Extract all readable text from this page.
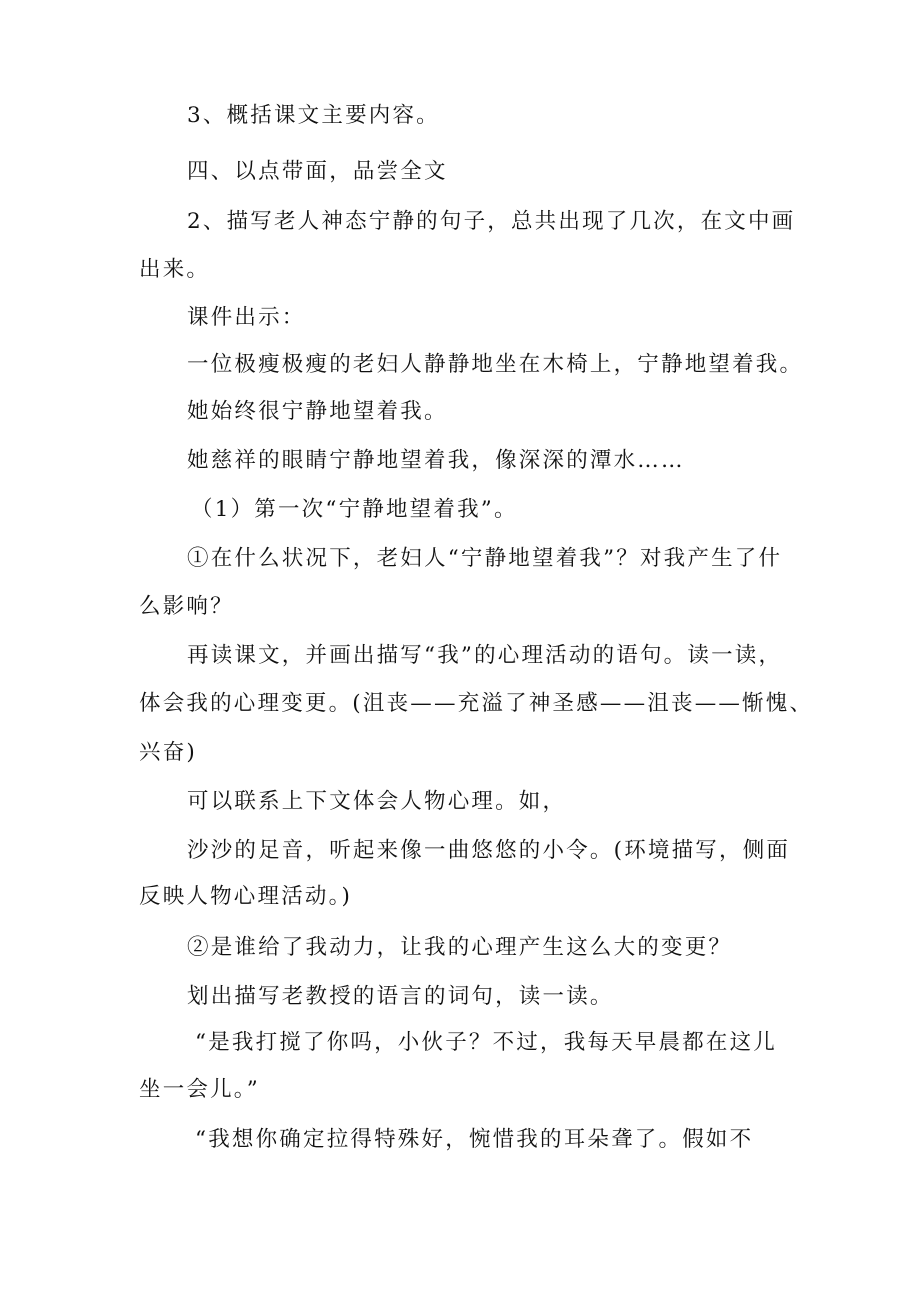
3、概括课文主要内容。
四、以点带面，品尝全文
2、描写老人神态宁静的句子，总共出现了几次，在文中画
出来。
课件出示：
一位极瘦极瘦的老妇人静静地坐在木椅上，宁静地望着我。
她始终很宁静地望着我。
她慈祥的眼睛宁静地望着我，像深深的潭水……
（1）第一次“宁静地望着我”。
①在什么状况下，老妇人“宁静地望着我”？对我产生了什
么影响？
再读课文，并画出描写“我”的心理活动的语句。读一读，
体会我的心理变更。(沮丧——充溢了神圣感——沮丧——惭愧、
兴奋)
可以联系上下文体会人物心理。如，
沙沙的足音，听起来像一曲悠悠的小令。(环境描写，侧面
反映人物心理活动。)
②是谁给了我动力，让我的心理产生这么大的变更？
划出描写老教授的语言的词句，读一读。
“是我打搅了你吗，小伙子？不过，我每天早晨都在这儿
坐一会儿。”
“我想你确定拉得特殊好，惋惜我的耳朵聋了。假如不
